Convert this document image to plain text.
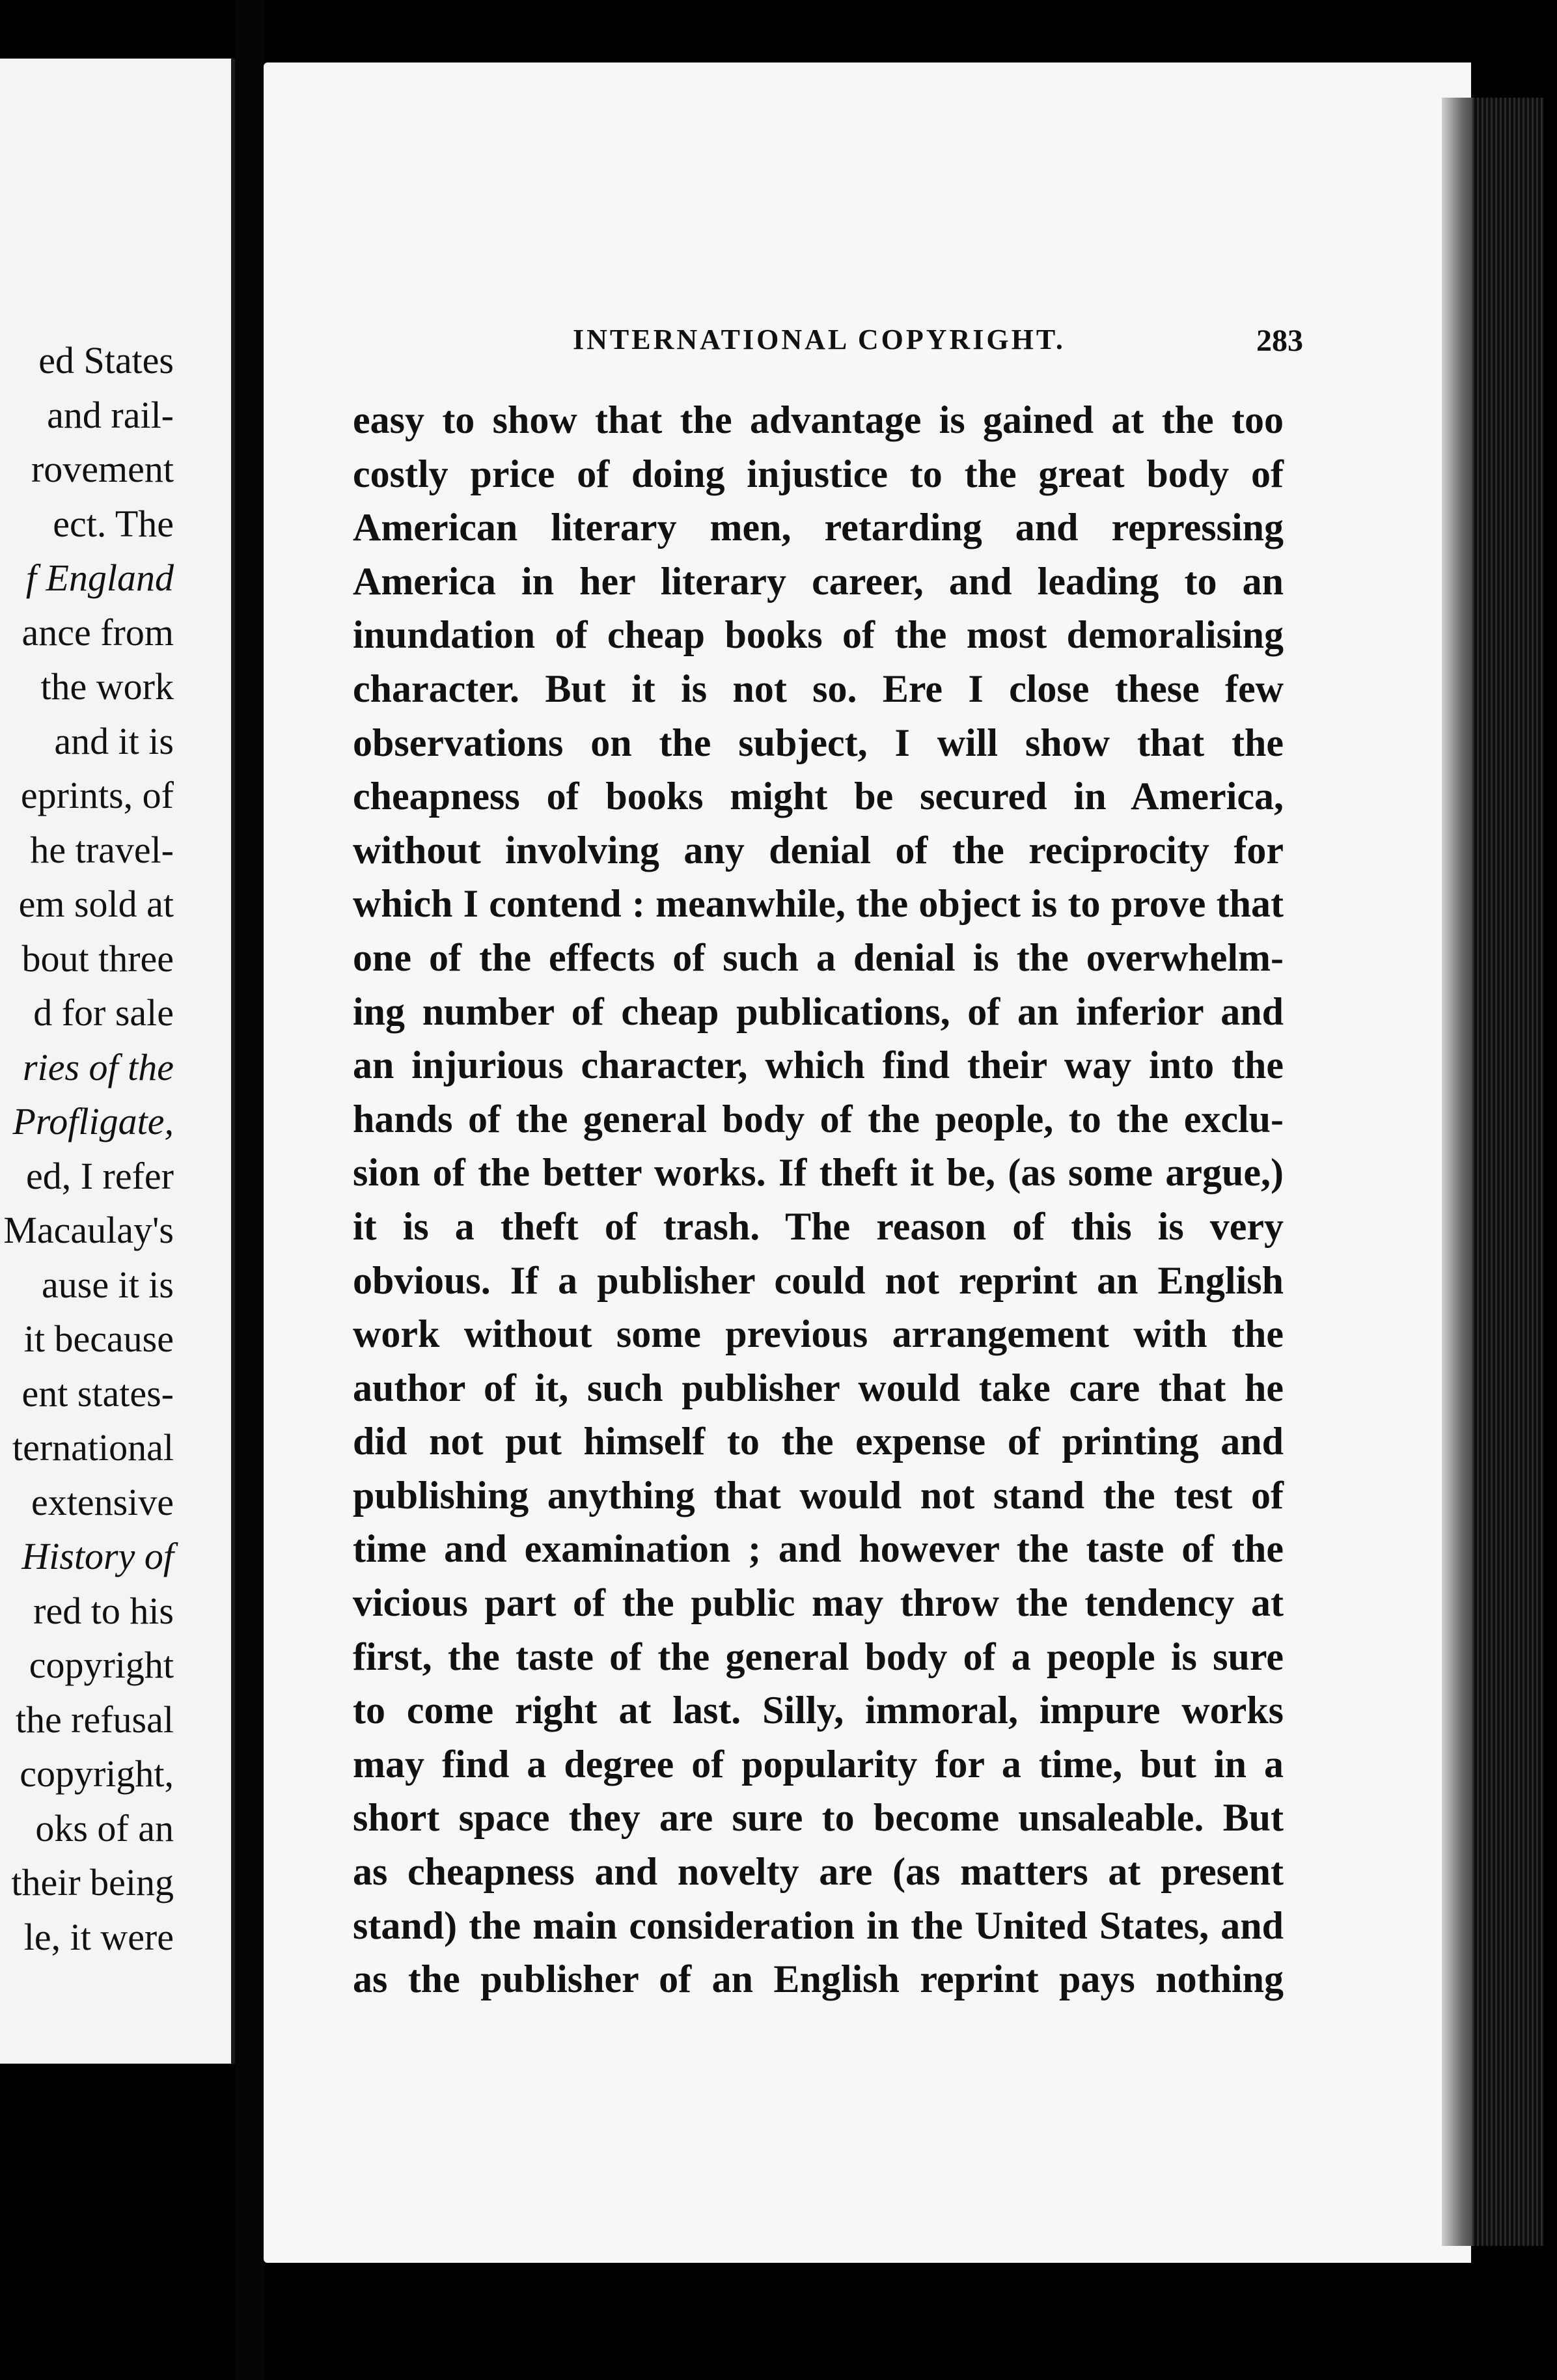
ed States
and rail-
rovement
ect. The
f England
ance from
the work
and it is
eprints, of
he travel-
em sold at
bout three
d for sale
ries of the
Profligate,
ed, I refer
Macaulay's
ause it is
it because
ent states-
ternational
extensive
History of
red to his
copyright
the refusal
copyright,
oks of an
their being
le, it were
INTERNATIONAL COPYRIGHT.	283
easy to show that the advantage is gained at the too
costly price of doing injustice to the great body of
American literary men, retarding and repressing
America in her literary career, and leading to an
inundation of cheap books of the most demoralising
character. But it is not so. Ere I close these few
observations on the subject, I will show that the
cheapness of books might be secured in America,
without involving any denial of the reciprocity for
which I contend : meanwhile, the object is to prove that
one of the effects of such a denial is the overwhelm-
ing number of cheap publications, of an inferior and
an injurious character, which find their way into the
hands of the general body of the people, to the exclu-
sion of the better works. If theft it be, (as some argue,)
it is a theft of trash. The reason of this is very
obvious. If a publisher could not reprint an English
work without some previous arrangement with the
author of it, such publisher would take care that he
did not put himself to the expense of printing and
publishing anything that would not stand the test of
time and examination ; and however the taste of the
vicious part of the public may throw the tendency at
first, the taste of the general body of a people is sure
to come right at last. Silly, immoral, impure works
may find a degree of popularity for a time, but in a
short space they are sure to become unsaleable. But
as cheapness and novelty are (as matters at present
stand) the main consideration in the United States, and
as the publisher of an English reprint pays nothing
